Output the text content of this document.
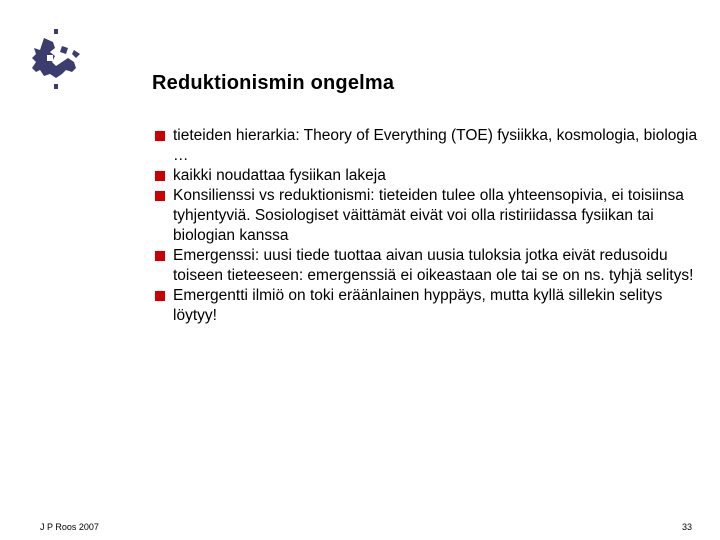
Reduktionismin ongelma
tieteiden hierarkia: Theory of Everything (TOE) fysiikka, kosmologia, biologia …
kaikki noudattaa fysiikan lakeja
Konsilienssi vs reduktionismi: tieteiden tulee olla yhteensopivia, ei toisiinsa tyhjentyviä. Sosiologiset väittämät eivät voi olla ristiriidassa fysiikan tai biologian kanssa
Emergenssi: uusi tiede tuottaa aivan uusia tuloksia jotka eivät redusoidu toiseen tieteeseen: emergenssiä ei oikeastaan ole tai se on ns. tyhjä selitys!
Emergentti ilmiö on toki eräänlainen hyppäys, mutta kyllä sillekin selitys löytyy!
J P Roos 2007	33
